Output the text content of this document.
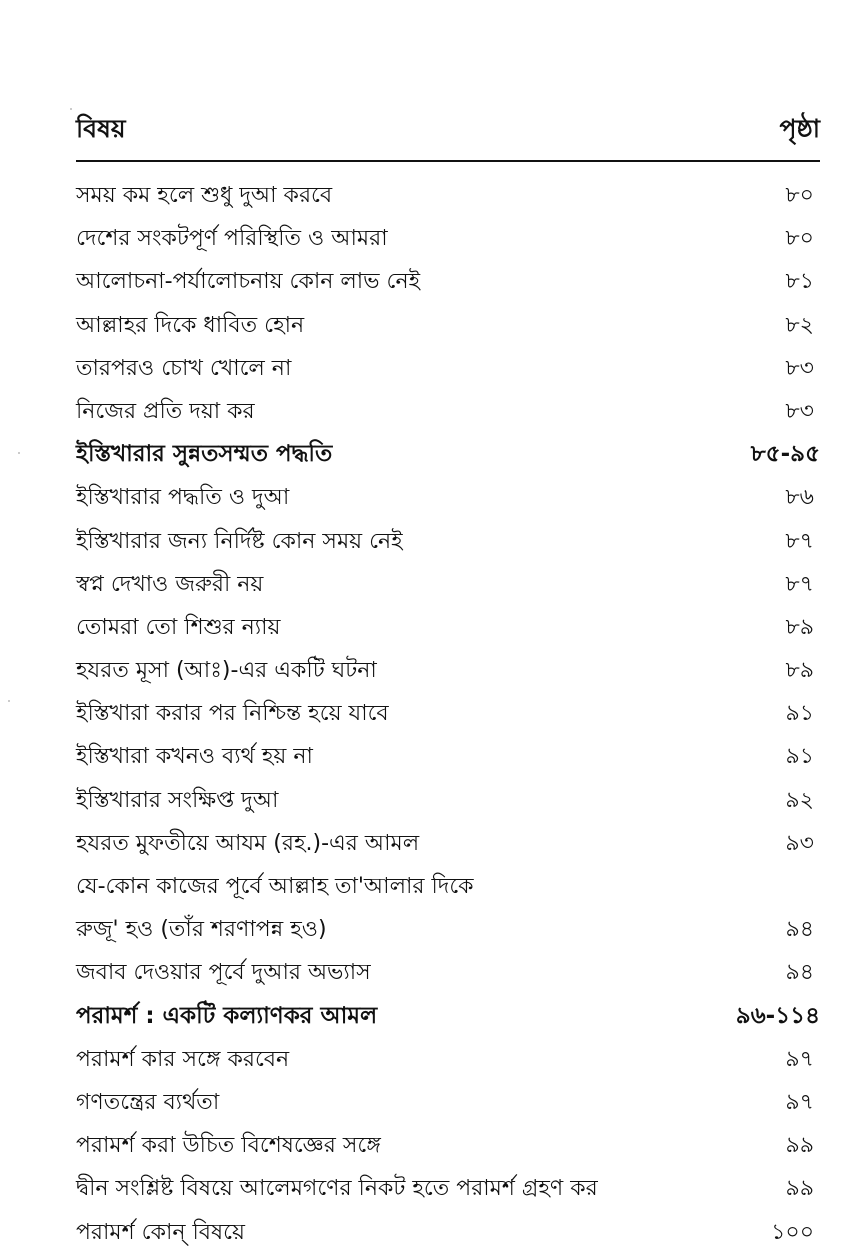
বিষয়	পৃষ্ঠা
সময় কম হলে শুধু দুআ করবে	৮০
দেশের সংকটপূর্ণ পরিস্থিতি ও আমরা	৮০
আলোচনা-পর্যালোচনায় কোন লাভ নেই	৮১
আল্লাহর দিকে ধাবিত হোন	৮২
তারপরও চোখ খোলে না	৮৩
নিজের প্রতি দয়া কর	৮৩
ইস্তিখারার সুন্নতসম্মত পদ্ধতি	৮৫-৯৫
ইস্তিখারার পদ্ধতি ও দুআ	৮৬
ইস্তিখারার জন্য নির্দিষ্ট কোন সময় নেই	৮৭
স্বপ্ন দেখাও জরুরী নয়	৮৭
তোমরা তো শিশুর ন্যায়	৮৯
হযরত মূসা (আঃ)-এর একটি ঘটনা	৮৯
ইস্তিখারা করার পর নিশ্চিন্ত হয়ে যাবে	৯১
ইস্তিখারা কখনও ব্যর্থ হয় না	৯১
ইস্তিখারার সংক্ষিপ্ত দুআ	৯২
হযরত মুফতীয়ে আযম (রহ.)-এর আমল	৯৩
যে-কোন কাজের পূর্বে আল্লাহ তা'আলার দিকে
রুজূ' হও (তাঁর শরণাপন্ন হও)	৯৪
জবাব দেওয়ার পূর্বে দুআর অভ্যাস	৯৪
পরামর্শ : একটি কল্যাণকর আমল	৯৬-১১৪
পরামর্শ কার সঙ্গে করবেন	৯৭
গণতন্ত্রের ব্যর্থতা	৯৭
পরামর্শ করা উচিত বিশেষজ্ঞের সঙ্গে	৯৯
দ্বীন সংশ্লিষ্ট বিষয়ে আলেমগণের নিকট হতে পরামর্শ গ্রহণ কর	৯৯
পরামর্শ কোন্ বিষয়ে	১০০
